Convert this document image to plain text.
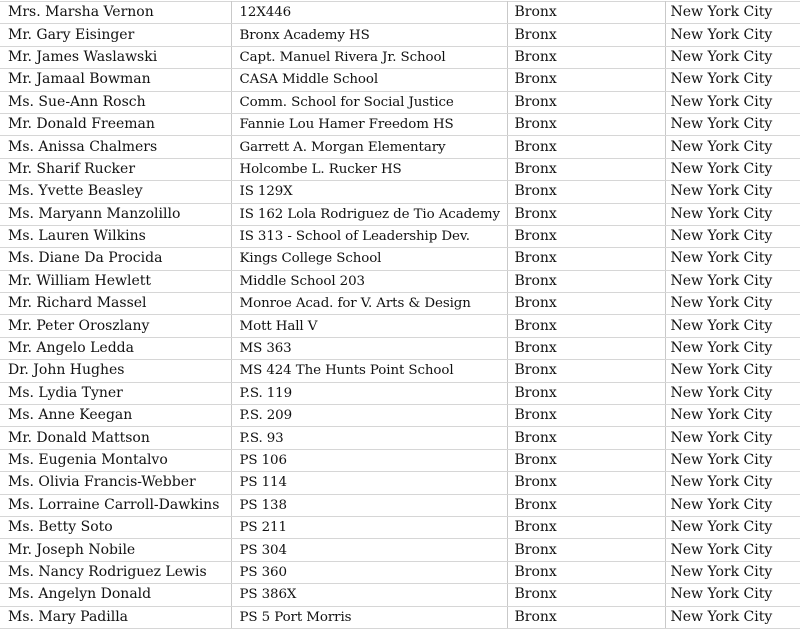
Mrs. Marsha Vernon	12X446	Bronx	New York City
Mr. Gary Eisinger	Bronx Academy HS	Bronx	New York City
Mr. James Waslawski	Capt. Manuel Rivera Jr. School	Bronx	New York City
Mr. Jamaal Bowman	CASA Middle School	Bronx	New York City
Ms. Sue-Ann Rosch	Comm. School for Social Justice	Bronx	New York City
Mr. Donald Freeman	Fannie Lou Hamer Freedom HS	Bronx	New York City
Ms. Anissa Chalmers	Garrett A. Morgan Elementary	Bronx	New York City
Mr. Sharif Rucker	Holcombe L. Rucker HS	Bronx	New York City
Ms. Yvette Beasley	IS 129X	Bronx	New York City
Ms. Maryann Manzolillo	IS 162 Lola Rodriguez de Tio Academy	Bronx	New York City
Ms. Lauren Wilkins	IS 313 - School of Leadership Dev.	Bronx	New York City
Ms. Diane Da Procida	Kings College School	Bronx	New York City
Mr. William Hewlett	Middle School 203	Bronx	New York City
Mr. Richard Massel	Monroe Acad. for V. Arts & Design	Bronx	New York City
Mr. Peter Oroszlany	Mott Hall V	Bronx	New York City
Mr. Angelo Ledda	MS 363	Bronx	New York City
Dr. John Hughes	MS 424 The Hunts Point School	Bronx	New York City
Ms. Lydia Tyner	P.S. 119	Bronx	New York City
Ms. Anne Keegan	P.S. 209	Bronx	New York City
Mr. Donald Mattson	P.S. 93	Bronx	New York City
Ms. Eugenia Montalvo	PS 106	Bronx	New York City
Ms. Olivia Francis-Webber	PS 114	Bronx	New York City
Ms. Lorraine Carroll-Dawkins	PS 138	Bronx	New York City
Ms. Betty Soto	PS 211	Bronx	New York City
Mr. Joseph Nobile	PS 304	Bronx	New York City
Ms. Nancy Rodriguez Lewis	PS 360	Bronx	New York City
Ms. Angelyn Donald	PS 386X	Bronx	New York City
Ms. Mary Padilla	PS 5 Port Morris	Bronx	New York City
